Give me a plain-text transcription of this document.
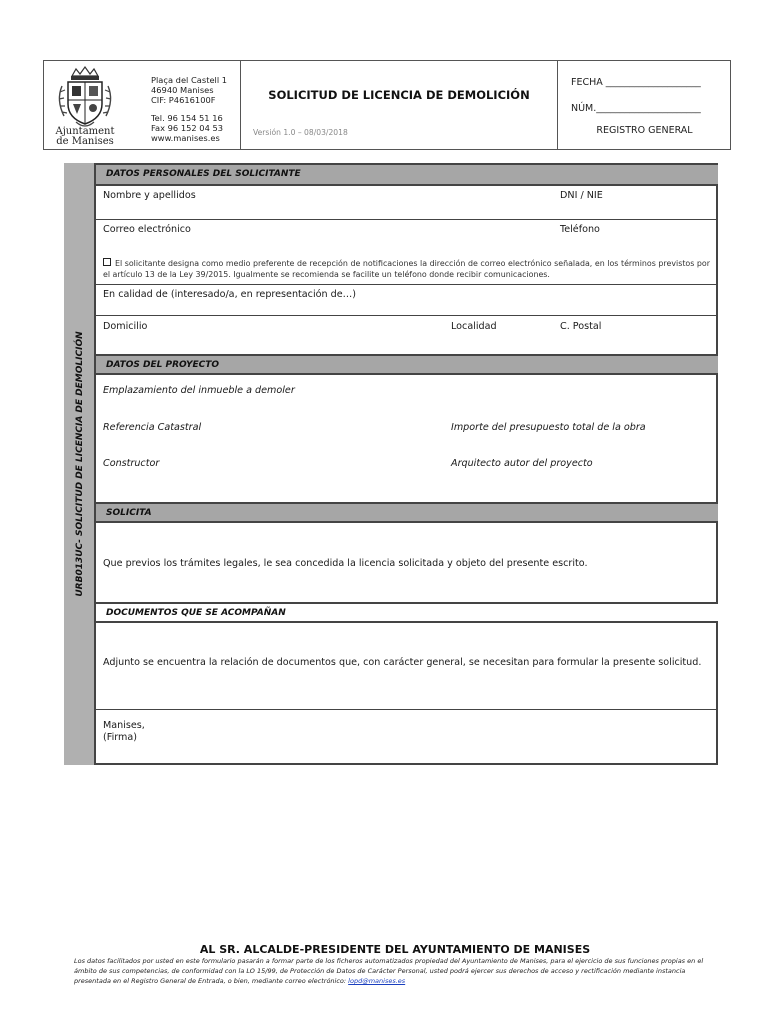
Ajuntament
de Manises
Plaça del Castell 1
46940 Manises
CIF: P4616100F
Tel. 96 154 51 16
Fax 96 152 04 53
www.manises.es
SOLICITUD DE LICENCIA DE DEMOLICIÓN
Versión 1.0 – 08/03/2018
FECHA ____________________
NÚM.______________________
REGISTRO GENERAL
URB013UC- SOLICITUD DE LICENCIA DE DEMOLICIÓN
DATOS PERSONALES DEL SOLICITANTE
Nombre y apellidos	DNI / NIE
Correo electrónico	Teléfono
El solicitante designa como medio preferente de recepción de notificaciones la dirección de correo electrónico señalada, en los términos previstos por el artículo 13 de la Ley 39/2015. Igualmente se recomienda se facilite un teléfono donde recibir comunicaciones.
En calidad de (interesado/a, en representación de…)
Domicilio	Localidad	C. Postal
DATOS DEL PROYECTO
Emplazamiento del inmueble a demoler
Referencia Catastral	Importe del presupuesto total de la obra
Constructor	Arquitecto autor del proyecto
SOLICITA
Que previos los trámites legales, le sea concedida la licencia solicitada y objeto del presente escrito.
DOCUMENTOS QUE SE ACOMPAÑAN
Adjunto se encuentra la relación de documentos que, con carácter general, se necesitan para formular la presente solicitud.
Manises,
(Firma)
AL SR. ALCALDE-PRESIDENTE DEL AYUNTAMIENTO DE MANISES
Los datos facilitados por usted en este formulario pasarán a formar parte de los ficheros automatizados propiedad del Ayuntamiento de Manises, para el ejercicio de sus funciones propias en el ámbito de sus competencias, de conformidad con la LO 15/99, de Protección de Datos de Carácter Personal, usted podrá ejercer sus derechos de acceso y rectificación mediante instancia presentada en el Registro General de Entrada, o bien, mediante correo electrónico: lopd@manises.es
